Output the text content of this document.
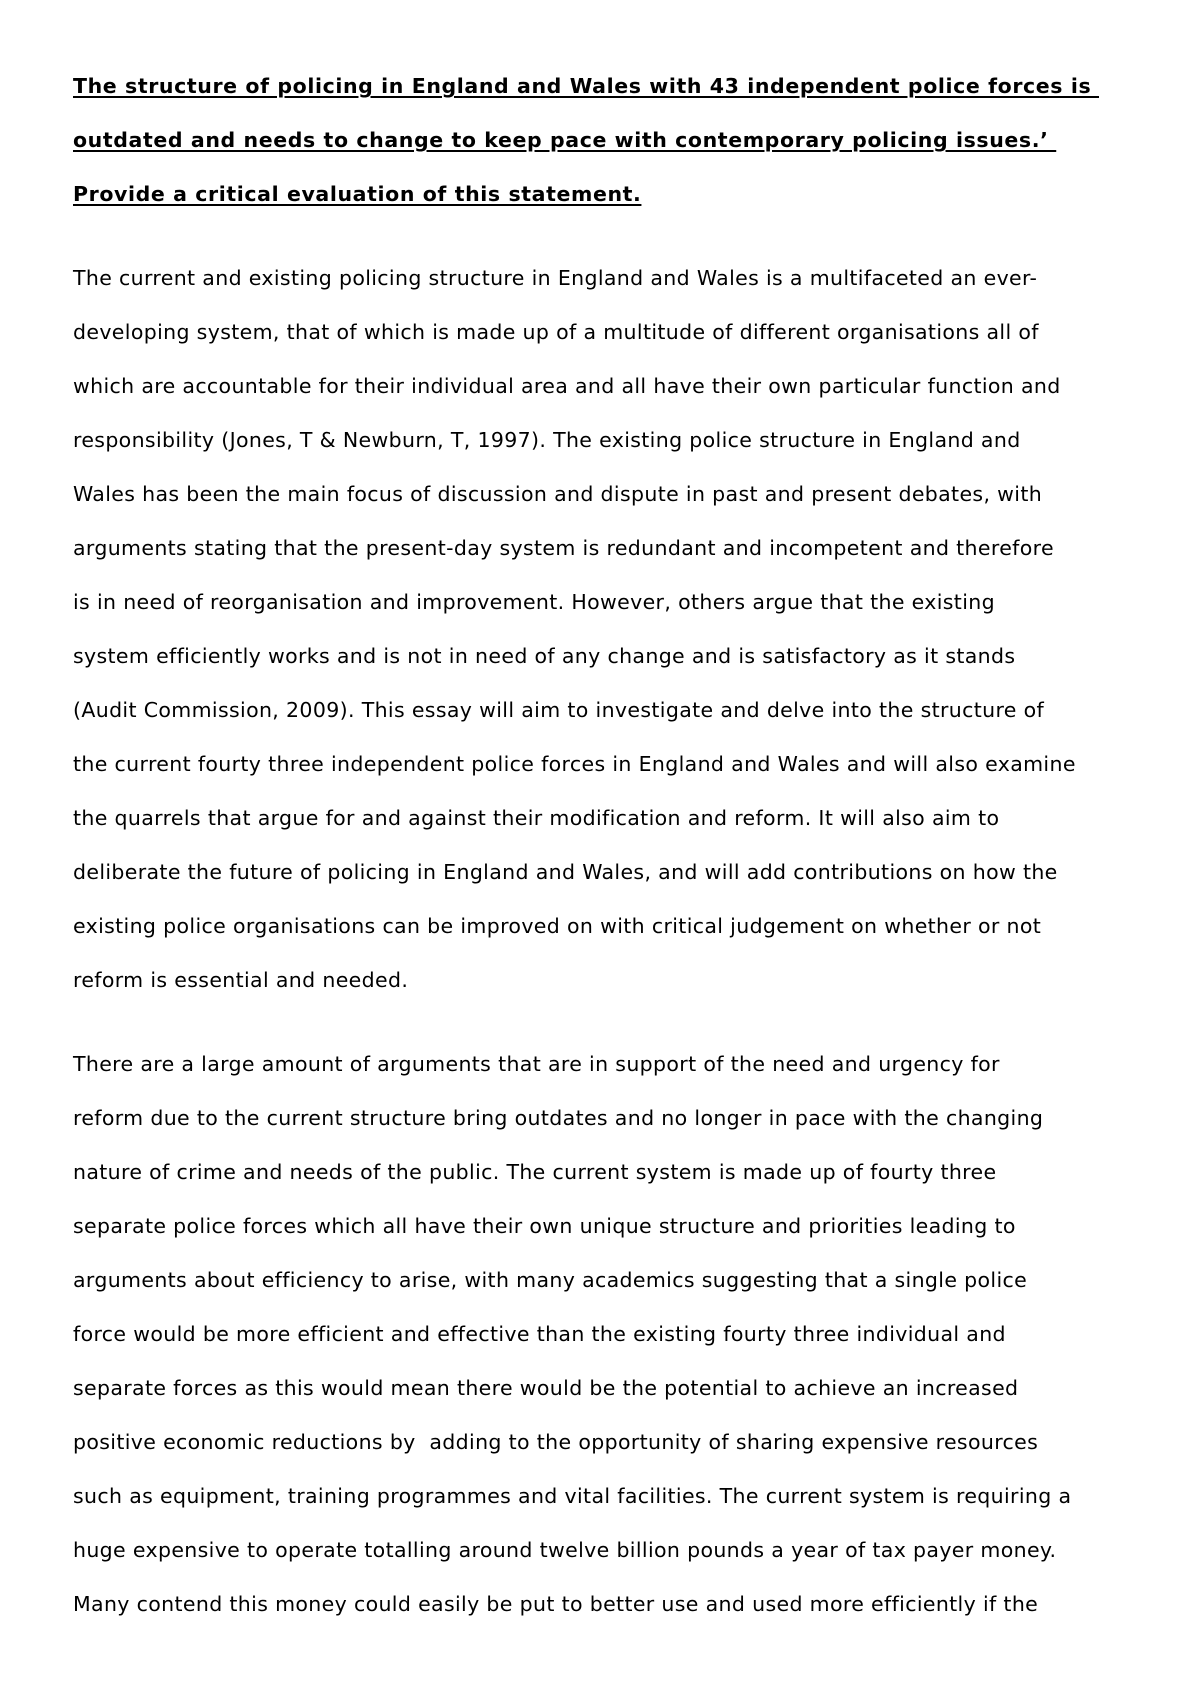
The structure of policing in England and Wales with 43 independent police forces is
outdated and needs to change to keep pace with contemporary policing issues.’
Provide a critical evaluation of this statement.
The current and existing policing structure in England and Wales is a multifaceted an ever-
developing system, that of which is made up of a multitude of different organisations all of
which are accountable for their individual area and all have their own particular function and
responsibility (Jones, T & Newburn, T, 1997). The existing police structure in England and
Wales has been the main focus of discussion and dispute in past and present debates, with
arguments stating that the present-day system is redundant and incompetent and therefore
is in need of reorganisation and improvement. However, others argue that the existing
system efficiently works and is not in need of any change and is satisfactory as it stands
(Audit Commission, 2009). This essay will aim to investigate and delve into the structure of
the current fourty three independent police forces in England and Wales and will also examine
the quarrels that argue for and against their modification and reform. It will also aim to
deliberate the future of policing in England and Wales, and will add contributions on how the
existing police organisations can be improved on with critical judgement on whether or not
reform is essential and needed.
There are a large amount of arguments that are in support of the need and urgency for
reform due to the current structure bring outdates and no longer in pace with the changing
nature of crime and needs of the public. The current system is made up of fourty three
separate police forces which all have their own unique structure and priorities leading to
arguments about efficiency to arise, with many academics suggesting that a single police
force would be more efficient and effective than the existing fourty three individual and
separate forces as this would mean there would be the potential to achieve an increased
positive economic reductions by  adding to the opportunity of sharing expensive resources
such as equipment, training programmes and vital facilities. The current system is requiring a
huge expensive to operate totalling around twelve billion pounds a year of tax payer money.
Many contend this money could easily be put to better use and used more efficiently if the
